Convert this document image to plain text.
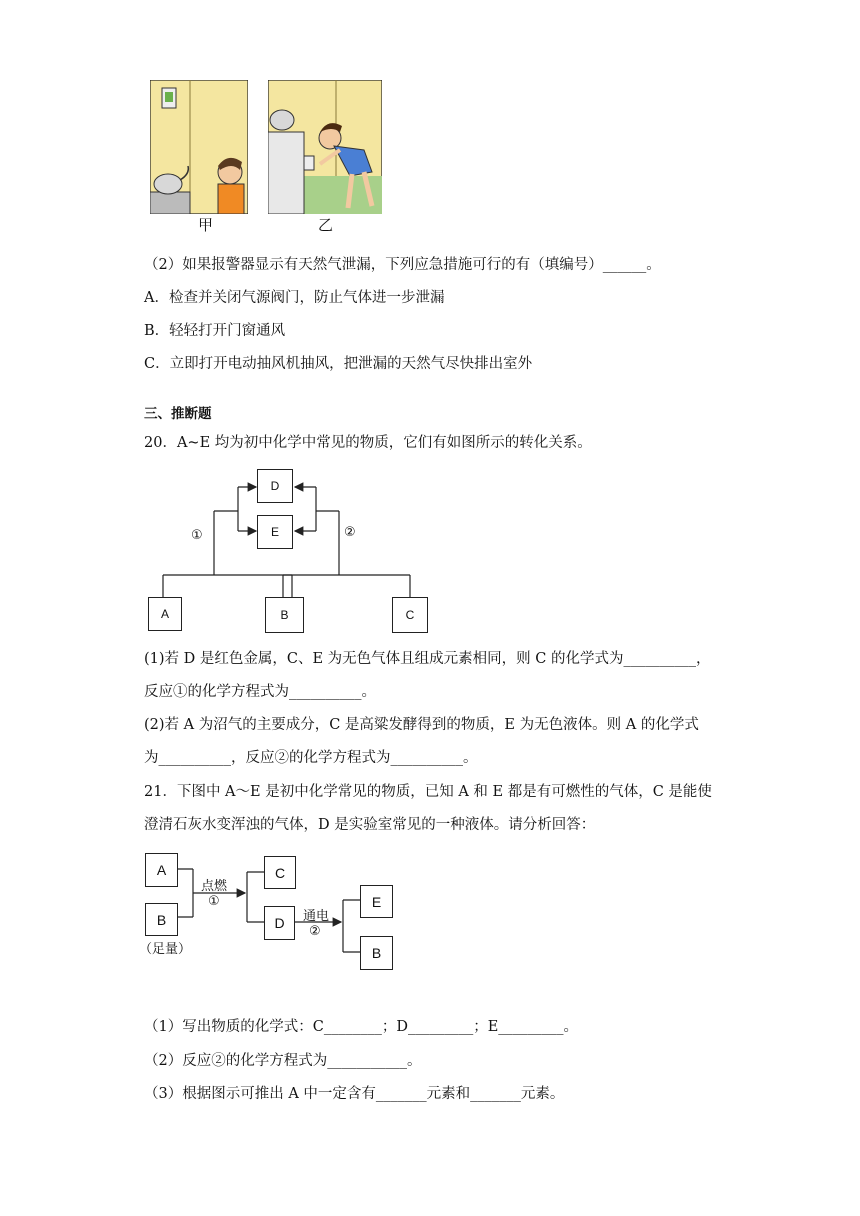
甲	乙
（2）如果报警器显示有天然气泄漏，下列应急措施可行的有（填编号）______。
A．检查并关闭气源阀门，防止气体进一步泄漏
B．轻轻打开门窗通风
C．立即打开电动抽风机抽风，把泄漏的天然气尽快排出室外
三、推断题
20．A~E 均为初中化学中常见的物质，它们有如图所示的转化关系。
D
E
A	B	C
①	②
(1)若 D 是红色金属，C、E 为无色气体且组成元素相同，则 C 的化学式为__________，
反应①的化学方程式为__________。
(2)若 A 为沼气的主要成分，C 是高粱发酵得到的物质，E 为无色液体。则 A 的化学式
为__________，反应②的化学方程式为__________。
21．下图中 A～E 是初中化学常见的物质，已知 A 和 E 都是有可燃性的气体，C 是能使
澄清石灰水变浑浊的气体，D 是实验室常见的一种液体。请分析回答：
A
B
C
D
E
B
点燃
①
通电
②
（足量）
（1）写出物质的化学式：C________；D_________；E_________。
（2）反应②的化学方程式为___________。
（3）根据图示可推出 A 中一定含有_______元素和_______元素。
